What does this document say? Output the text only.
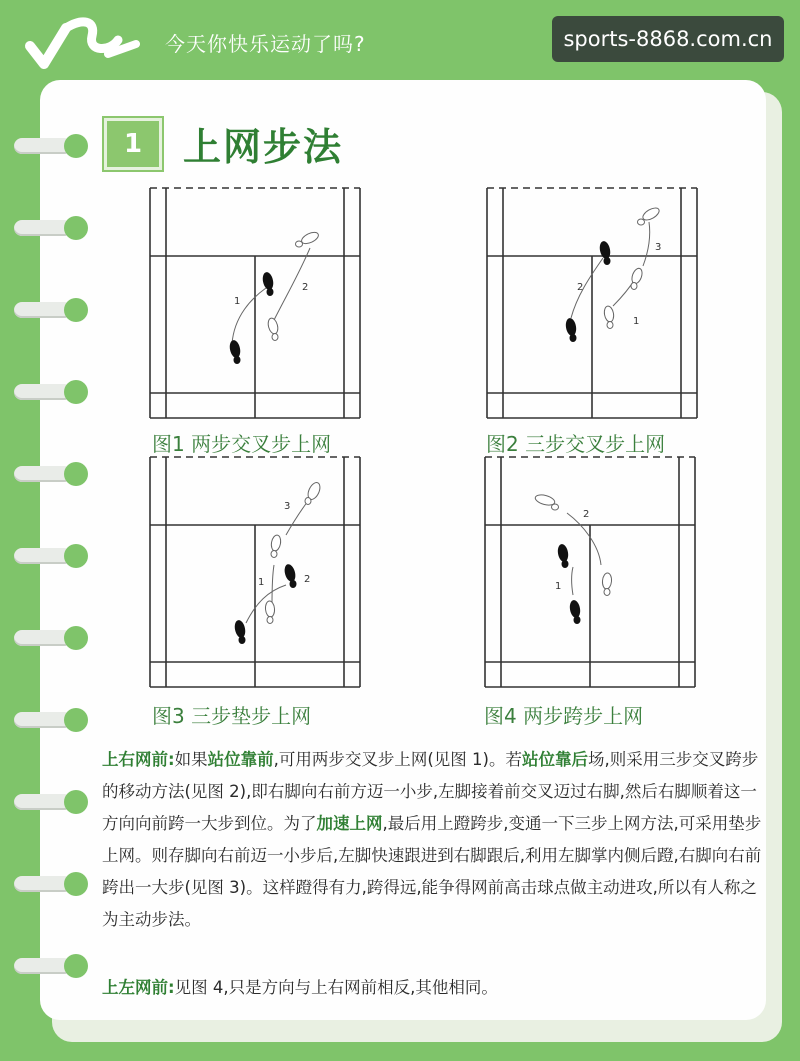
今天你快乐运动了吗?	sports-8868.com.cn
1	上网步法
1
2
图1 两步交叉步上网
2
3
1
图2 三步交叉步上网
3
1	2
图3 三步垫步上网
2
1
图4 两步跨步上网
上右网前:如果站位靠前,可用两步交叉步上网(见图 1)。若站位靠后场,则采用三步交叉跨步的移动方法(见图 2),即右脚向右前方迈一小步,左脚接着前交叉迈过右脚,然后右脚顺着这一方向向前跨一大步到位。为了加速上网,最后用上蹬跨步,变通一下三步上网方法,可采用垫步上网。则存脚向右前迈一小步后,左脚快速跟进到右脚跟后,利用左脚掌内侧后蹬,右脚向右前跨出一大步(见图 3)。这样蹬得有力,跨得远,能争得网前高击球点做主动进攻,所以有人称之为主动步法。
上左网前:见图 4,只是方向与上右网前相反,其他相同。
